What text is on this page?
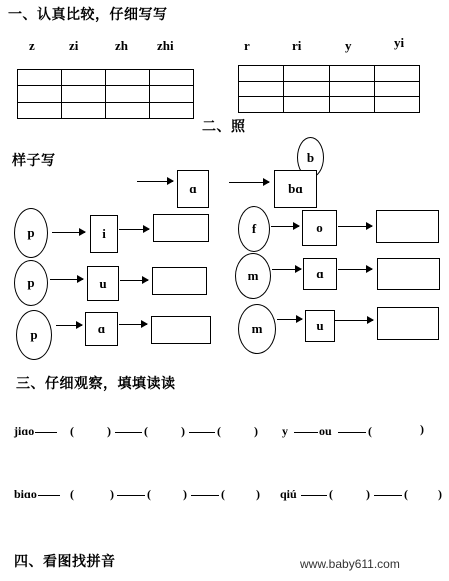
一、认真比较，仔细写写
z	zi	zh zhi	r	ri	y	yi

二、照
样子写	b
ɑ	bɑ
p	i
p	u
p	ɑ
f	o
m	ɑ
m	u
三、仔细观察，填填读读
jiɑo	(	)	(	)	(	) y	ou	(	)
biɑo	(	)	(	)	(	) qiú	(	)	(	)
四、看图找拼音	www.baby611.com
